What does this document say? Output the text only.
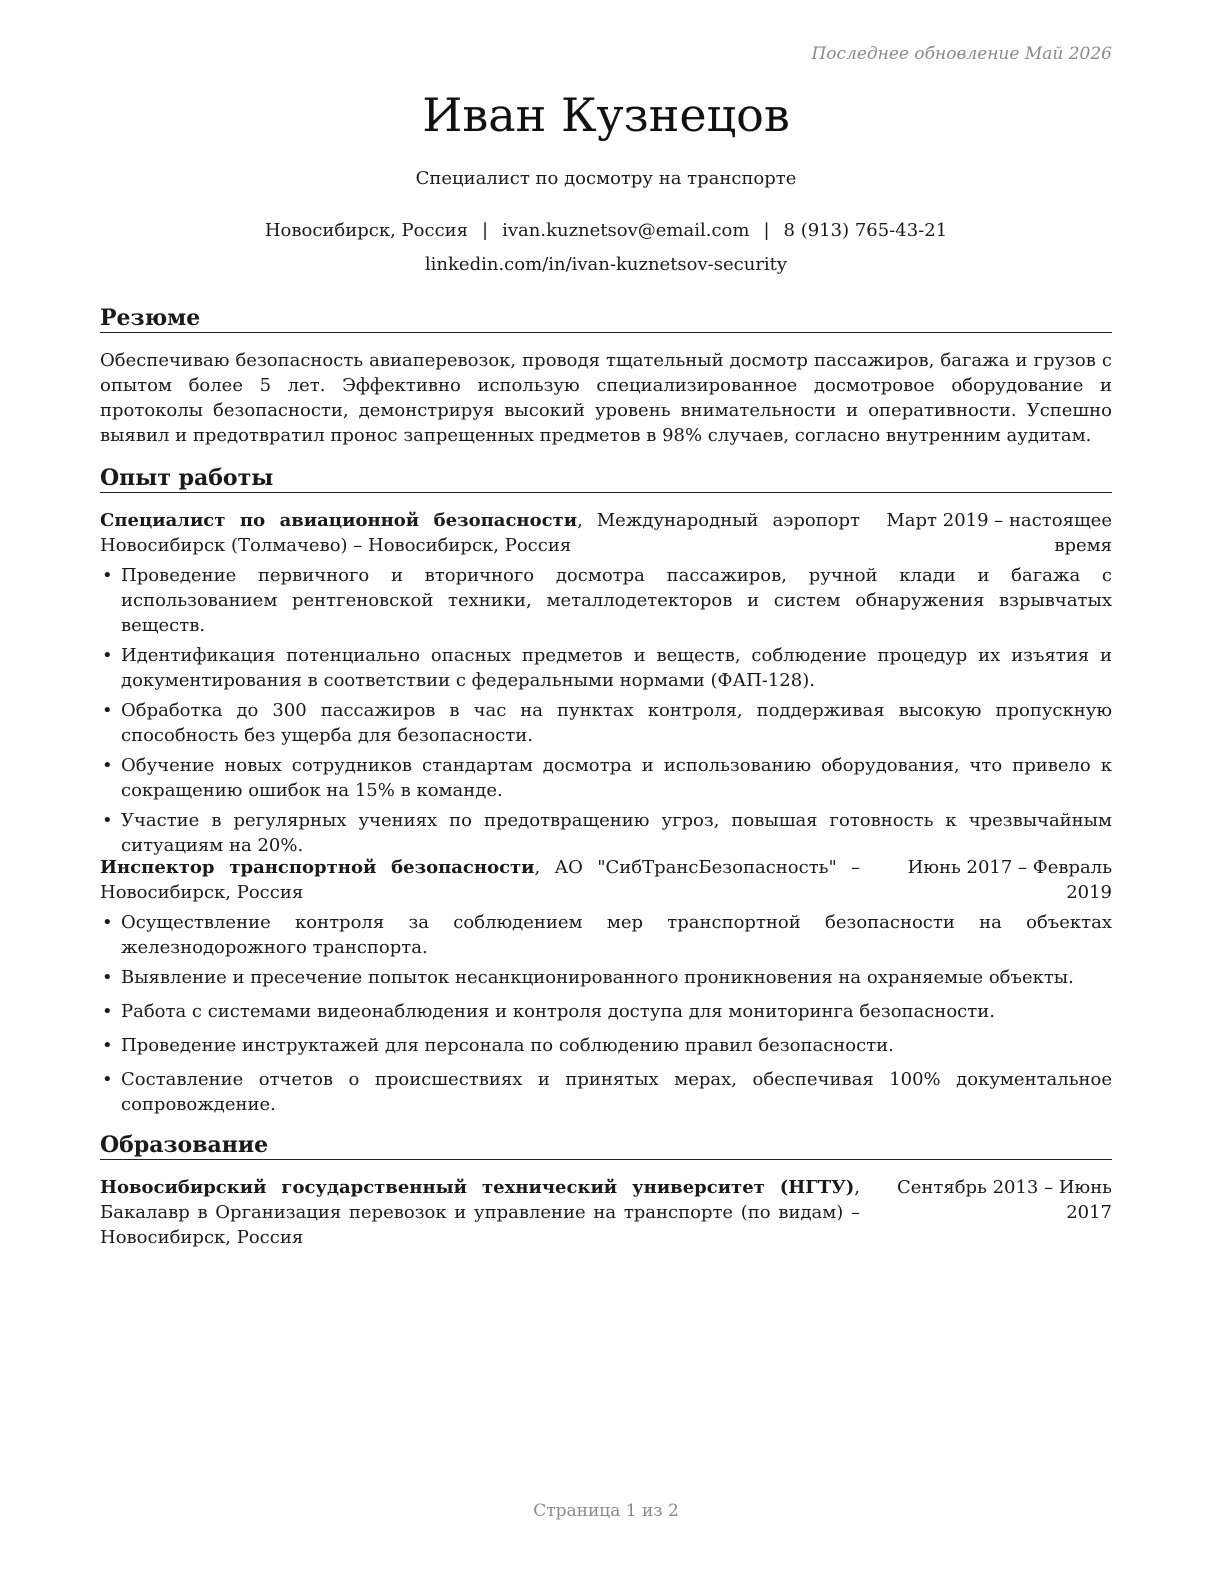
Последнее обновление Май 2026
Иван Кузнецов
Специалист по досмотру на транспорте
Новосибирск, Россия | ivan.kuznetsov@email.com | 8 (913) 765-43-21
linkedin.com/in/ivan-kuznetsov-security
Резюме

Обеспечиваю безопасность авиаперевозок, проводя тщательный досмотр пассажиров, багажа и грузов с опытом более 5 лет. Эффективно использую специализированное досмотровое оборудование и протоколы безопасности, демонстрируя высокий уровень внимательности и оперативности. Успешно выявил и предотвратил пронос запрещенных предметов в 98% случаев, согласно внутренним аудитам.

Опыт работы
Специалист по авиационной безопасности, Международный аэропорт Новосибирск (Толмачево) – Новосибирск, Россия
Март 2019 – настоящее время
• Проведение первичного и вторичного досмотра пассажиров, ручной клади и багажа с использованием рентгеновской техники, металлодетекторов и систем обнаружения взрывчатых веществ.
• Идентификация потенциально опасных предметов и веществ, соблюдение процедур их изъятия и документирования в соответствии с федеральными нормами (ФАП-128).
• Обработка до 300 пассажиров в час на пунктах контроля, поддерживая высокую пропускную способность без ущерба для безопасности.
• Обучение новых сотрудников стандартам досмотра и использованию оборудования, что привело к сокращению ошибок на 15% в команде.
• Участие в регулярных учениях по предотвращению угроз, повышая готовность к чрезвычайным ситуациям на 20%.
Инспектор транспортной безопасности, АО "СибТрансБезопасность" – Новосибирск, Россия
Июнь 2017 – Февраль 2019
• Осуществление контроля за соблюдением мер транспортной безопасности на объектах железнодорожного транспорта.
• Выявление и пресечение попыток несанкционированного проникновения на охраняемые объекты.
• Работа с системами видеонаблюдения и контроля доступа для мониторинга безопасности.
• Проведение инструктажей для персонала по соблюдению правил безопасности.
• Составление отчетов о происшествиях и принятых мерах, обеспечивая 100% документальное сопровождение.
Образование
Новосибирский государственный технический университет (НГТУ), Бакалавр в Организация перевозок и управление на транспорте (по видам) – Новосибирск, Россия
Сентябрь 2013 – Июнь 2017
Страница 1 из 2
